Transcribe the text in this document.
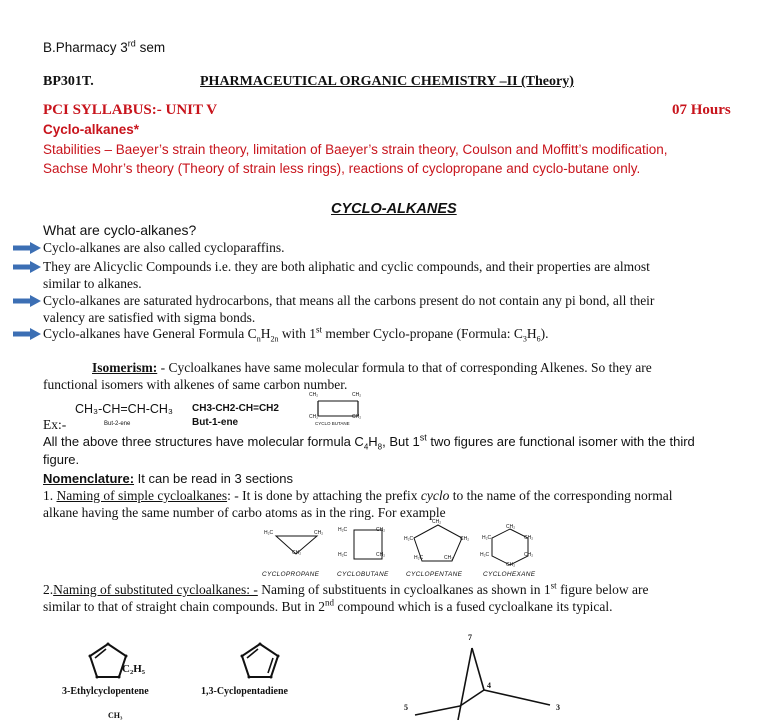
B.Pharmacy 3rd sem
BP301T.	PHARMACEUTICAL ORGANIC CHEMISTRY –II (Theory)
PCI SYLLABUS:- UNIT V	07 Hours
Cyclo-alkanes*
Stabilities – Baeyer’s strain theory, limitation of Baeyer’s strain theory, Coulson and Moffitt’s modification,
Sachse Mohr’s theory (Theory of strain less rings), reactions of cyclopropane and cyclo-butane only.
CYCLO-ALKANES
What are cyclo-alkanes?
Cyclo-alkanes are also called cycloparaffins.
They are Alicyclic Compounds i.e. they are both aliphatic and cyclic compounds, and their properties are almost
similar to alkanes.
Cyclo-alkanes are saturated hydrocarbons, that means all the carbons present do not contain any pi bond, all their
valency are satisfied with sigma bonds.
Cyclo-alkanes have General Formula $C_nH_{2n}$ with 1st member Cyclo-propane (Formula: $C_3H_6$).
Isomerism: - Cycloalkanes have same molecular formula to that of corresponding Alkenes. So they are
functional isomers with alkenes of same carbon number.
Ex:-
CH₃-CH=CH-CH₃
But-2-ene
CH3-CH2-CH=CH2
But-1-ene
CH₂	CH₂
CH₂	CH₂
CYCLO BUTANE
All the above three structures have molecular formula $C_4H_8$, But 1st two figures are functional isomer with the third
figure.
Nomenclature: It can be read in 3 sections
1. Naming of simple cycloalkanes: - It is done by attaching the prefix cyclo to the name of the corresponding normal
alkane having the same number of carbo atoms as in the ring. For example
H₂C	CH₂
CH₂
H₂C	CH₂
H₂C	CH₂
CH₂
H₂C	CH₂
H₂C	CH₂
CH₂
H₂C	CH₂
H₂C	CH₂
CH₂
CYCLOPROPANE	CYCLOBUTANE	CYCLOPENTANE	CYCLOHEXANE
2.Naming of substituted cycloalkanes: - Naming of substituents in cycloalkanes as shown in 1st figure below are
similar to that of straight chain compounds. But in 2nd compound which is a fused cycloalkane its typical.
C₂H₅
3-Ethylcyclopentene	1,3-Cyclopentadiene
CH₃
7
4
3
5
